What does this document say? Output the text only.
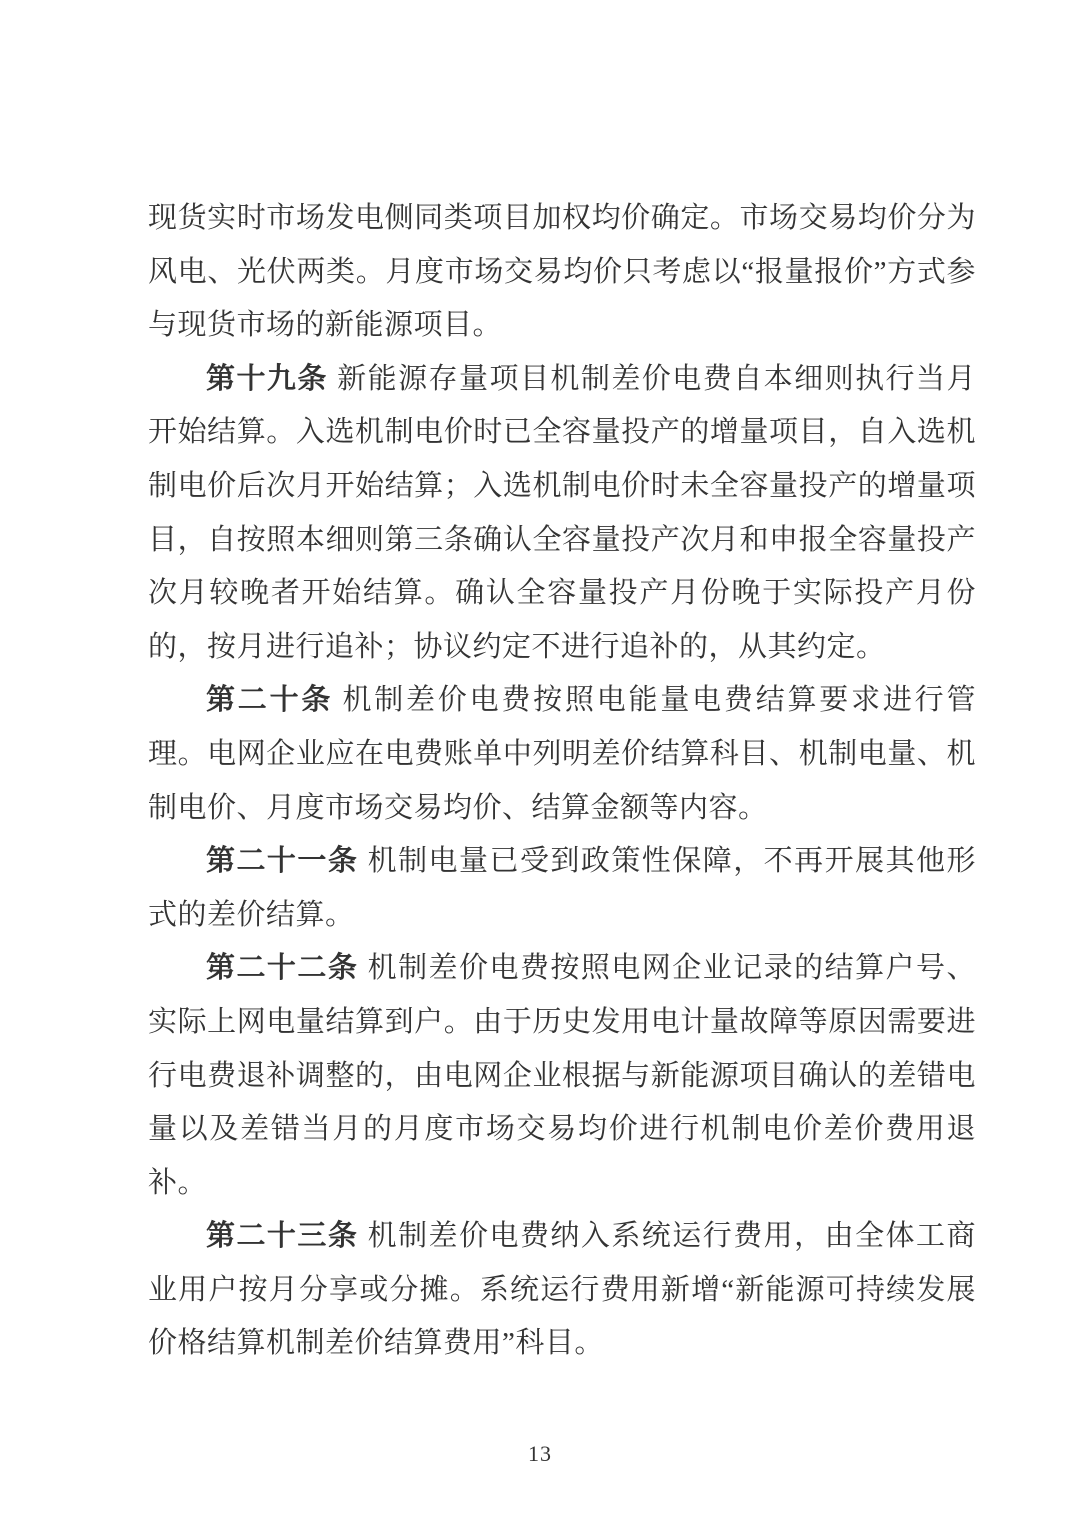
现货实时市场发电侧同类项目加权均价确定。市场交易均价分为风电、光伏两类。月度市场交易均价只考虑以“报量报价”方式参与现货市场的新能源项目。

第十九条 新能源存量项目机制差价电费自本细则执行当月开始结算。入选机制电价时已全容量投产的增量项目，自入选机制电价后次月开始结算；入选机制电价时未全容量投产的增量项目，自按照本细则第三条确认全容量投产次月和申报全容量投产次月较晚者开始结算。确认全容量投产月份晚于实际投产月份的，按月进行追补；协议约定不进行追补的，从其约定。

第二十条 机制差价电费按照电能量电费结算要求进行管理。电网企业应在电费账单中列明差价结算科目、机制电量、机制电价、月度市场交易均价、结算金额等内容。

第二十一条 机制电量已受到政策性保障，不再开展其他形式的差价结算。

第二十二条 机制差价电费按照电网企业记录的结算户号、实际上网电量结算到户。由于历史发用电计量故障等原因需要进行电费退补调整的，由电网企业根据与新能源项目确认的差错电量以及差错当月的月度市场交易均价进行机制电价差价费用退补。

第二十三条 机制差价电费纳入系统运行费用，由全体工商业用户按月分享或分摊。系统运行费用新增“新能源可持续发展价格结算机制差价结算费用”科目。

13
